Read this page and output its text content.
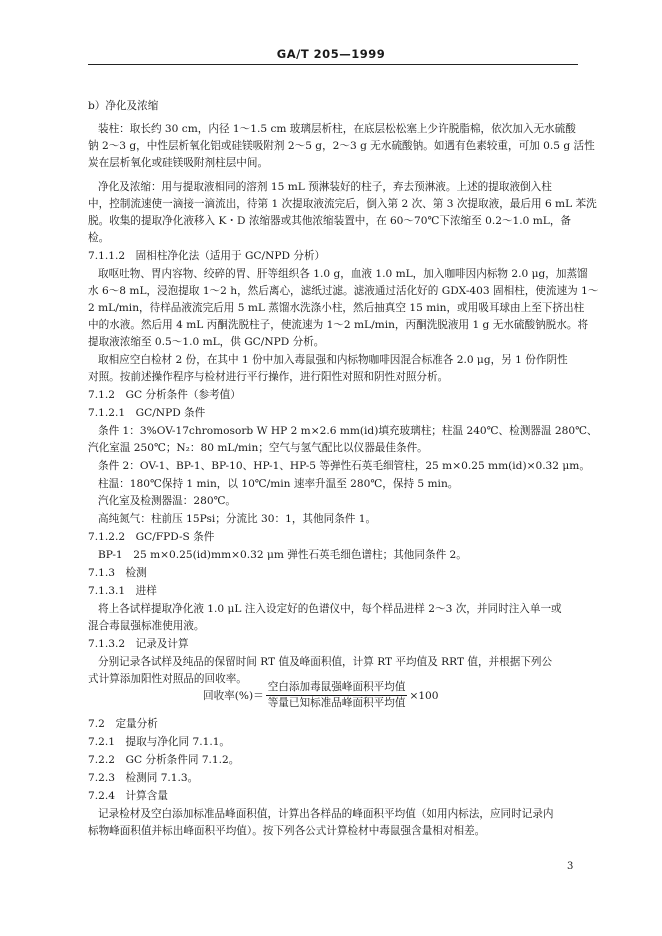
GA/T 205—1999
b）净化及浓缩
装柱：取长约 30 cm，内径 1～1.5 cm 玻璃层析柱，在底层松松塞上少许脱脂棉，依次加入无水硫酸
钠 2～3 g，中性层析氧化铝或硅镁吸附剂 2～5 g，2～3 g 无水硫酸钠。如遇有色素较重，可加 0.5 g 活性
炭在层析氧化或硅镁吸附剂柱层中间。
净化及浓缩：用与提取液相同的溶剂 15 mL 预淋装好的柱子，弃去预淋液。上述的提取液倒入柱
中，控制流速使一滴接一滴流出，待第 1 次提取液流完后，倒入第 2 次、第 3 次提取液，最后用 6 mL 苯洗
脱。收集的提取净化液移入 K・D 浓缩器或其他浓缩装置中，在 60～70℃下浓缩至 0.2～1.0 mL，备
检。
7.1.1.2　固相柱净化法（适用于 GC/NPD 分析）
取呕吐物、胃内容物、绞碎的胃、肝等组织各 1.0 g，血液 1.0 mL，加入咖啡因内标物 2.0 μg，加蒸馏
水 6～8 mL，浸泡提取 1～2 h，然后离心，滤纸过滤。滤液通过活化好的 GDX-403 固相柱，使流速为 1～
2 mL/min，待样品液流完后用 5 mL 蒸馏水洗涤小柱，然后抽真空 15 min，或用吸耳球由上至下挤出柱
中的水液。然后用 4 mL 丙酮洗脱柱子，使流速为 1～2 mL/min，丙酮洗脱液用 1 g 无水硫酸钠脱水。将
提取液浓缩至 0.5～1.0 mL，供 GC/NPD 分析。
取相应空白检材 2 份，在其中 1 份中加入毒鼠强和内标物咖啡因混合标准各 2.0 μg，另 1 份作阴性
对照。按前述操作程序与检材进行平行操作，进行阳性对照和阴性对照分析。
7.1.2　GC 分析条件（参考值）
7.1.2.1　GC/NPD 条件
条件 1：3%OV-17chromosorb W HP 2 m×2.6 mm(id)填充玻璃柱；柱温 240℃、检测器温 280℃、
汽化室温 250℃；N₂：80 mL/min；空气与氢气配比以仪器最佳条件。
条件 2：OV-1、BP-1、BP-10、HP-1、HP-5 等弹性石英毛细管柱，25 m×0.25 mm(id)×0.32 μm。
柱温：180℃保持 1 min，以 10℃/min 速率升温至 280℃，保持 5 min。
汽化室及检测器温：280℃。
高纯氮气：柱前压 15Psi；分流比 30：1，其他同条件 1。
7.1.2.2　GC/FPD-S 条件
BP-1　25 m×0.25(id)mm×0.32 μm 弹性石英毛细色谱柱；其他同条件 2。
7.1.3　检测
7.1.3.1　进样
将上各试样提取净化液 1.0 μL 注入设定好的色谱仪中，每个样品进样 2～3 次，并同时注入单一或
混合毒鼠强标准使用液。
7.1.3.2　记录及计算
分别记录各试样及纯品的保留时间 RT 值及峰面积值，计算 RT 平均值及 RRT 值，并根据下列公
式计算添加阳性对照品的回收率。
7.2　定量分析
7.2.1　提取与净化同 7.1.1。
7.2.2　GC 分析条件同 7.1.2。
7.2.3　检测同 7.1.3。
7.2.4　计算含量
记录检材及空白添加标准品峰面积值，计算出各样品的峰面积平均值（如用内标法，应同时记录内
标物峰面积值并标出峰面积平均值）。按下列各公式计算检材中毒鼠强含量相对相差。
回收率(%)＝ $\frac{\text{空白添加毒鼠强峰面积平均值}}{\text{等量已知标准品峰面积平均值}} \times 100$
3
